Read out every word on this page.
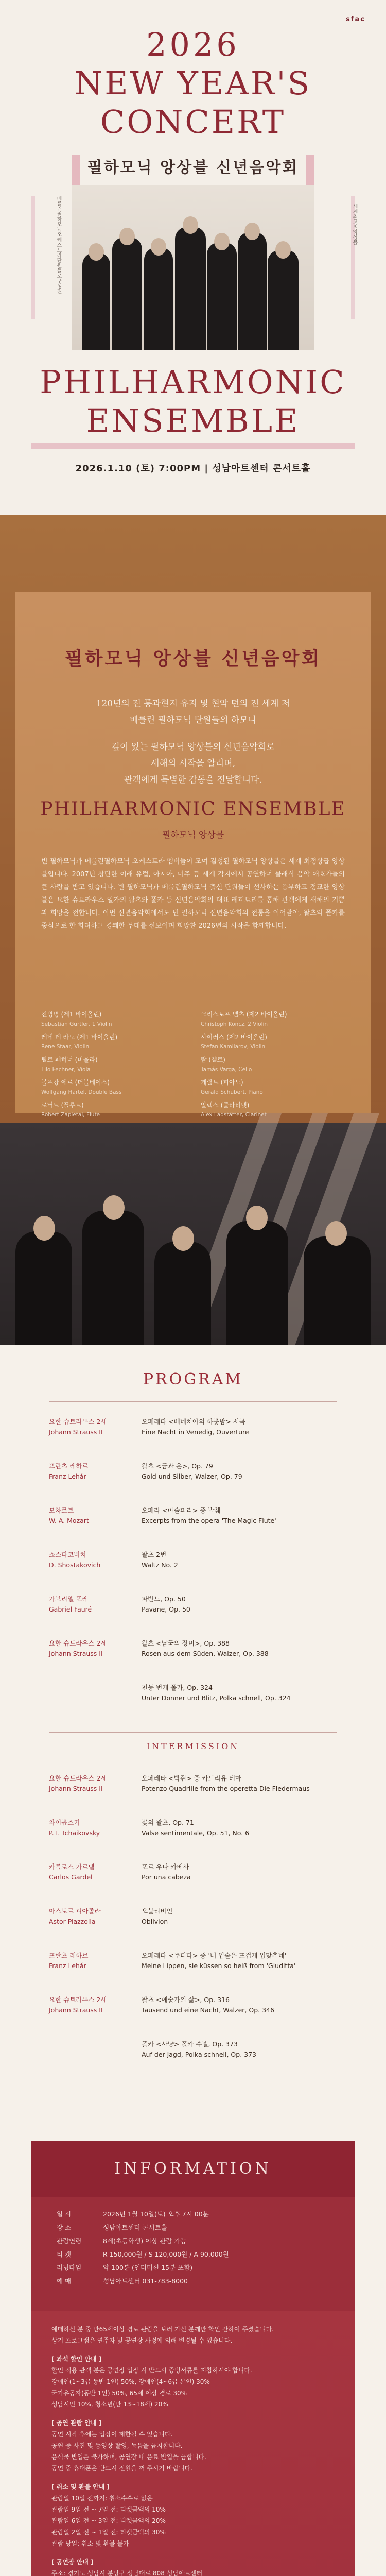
sfac
2026
NEW YEAR'S
CONCERT
필하모닉 앙상블 신년음악회
베를린필하모닉오케스트라단원들로구성된	세계최고의앙상블
PHILHARMONIC
ENSEMBLE
2026.1.10 (토) 7:00PM | 성남아트센터 콘서트홀
필하모닉 앙상블 신년음악회
120년의 전 통과현지 유지 및 현악 던의 전 세계 저
베를린 필하모닉 단원들의 하모니
깊이 있는 필하모닉 앙상블의 신년음악회로
새해의 시작을 알리며,
관객에게 특별한 감동을 전달합니다.
PHILHARMONIC ENSEMBLE
필하모닉 앙상블
빈 필하모닉과 베를린필하모닉 오케스트라 멤버들이 모여 결성된 필하모닉 앙상블은 세계 최정상급 앙상블입니다. 2007년 창단한 이래 유럽, 아시아, 미주 등 세계 각지에서 공연하며 클래식 음악 애호가들의 큰 사랑을 받고 있습니다. 빈 필하모닉과 베를린필하모닉 출신 단원들이 선사하는 풍부하고 정교한 앙상블은 요한 슈트라우스 일가의 왈츠와 폴카 등 신년음악회의 대표 레퍼토리를 통해 관객에게 새해의 기쁨과 희망을 전합니다. 이번 신년음악회에서도 빈 필하모닉 신년음악회의 전통을 이어받아, 왈츠와 폴카를 중심으로 한 화려하고 경쾌한 무대를 선보이며 희망찬 2026년의 시작을 함께합니다.
진병명 (제1 바이올린)
Sebastian Gürtler, 1 Violin
크리스토프 벨츠 (제2 바이올린)
Christoph Koncz, 2 Violin
레네 데 라노 (제1 바이올린)
Rene Staar, Violin
사이러스 (제2 바이올린)
Stefan Kamilarov, Violin
틸로 페히너 (비올라)
Tilo Fechner, Viola
탐 (첼로)
Tamás Varga, Cello
볼프강 에르 (더블베이스)
Wolfgang Härtel, Double Bass
게랄트 (피아노)
Gerald Schubert, Piano
로버트 (플루트)
Robert Zapletal, Flute
알렉스 (클라리넷)
Alex Ladstätter, Clarinet
PROGRAM
요한 슈트라우스 2세
Johann Strauss II
오페레타 <베네치아의 하룻밤> 서곡
Eine Nacht in Venedig, Ouverture
프란츠 레하르
Franz Lehár
왈츠 <금과 은>, Op. 79
Gold und Silber, Walzer, Op. 79
모차르트
W. A. Mozart
오페라 <마술피리> 중 발췌
Excerpts from the opera 'The Magic Flute'
쇼스타코비치
D. Shostakovich
왈츠 2번
Waltz No. 2
가브리엘 포레
Gabriel Fauré
파반느, Op. 50
Pavane, Op. 50
요한 슈트라우스 2세
Johann Strauss II
왈츠 <남국의 장미>, Op. 388
Rosen aus dem Süden, Walzer, Op. 388
천둥 번개 폴카, Op. 324
Unter Donner und Blitz, Polka schnell, Op. 324
INTERMISSION
요한 슈트라우스 2세
Johann Strauss II
오페레타 <박쥐> 중 카드리유 테마
Potenzo Quadrille from the operetta Die Fledermaus
차이콥스키
P. I. Tchaikovsky
꽃의 왈츠, Op. 71
Valse sentimentale, Op. 51, No. 6
카를로스 가르델
Carlos Gardel
포르 우나 카베사
Por una cabeza
아스토르 피아졸라
Astor Piazzolla
오블리비언
Oblivion
프란츠 레하르
Franz Lehár
오페레타 <주디타> 중 '내 입술은 뜨겁게 입맞추네'
Meine Lippen, sie küssen so heiß from 'Giuditta'
요한 슈트라우스 2세
Johann Strauss II
왈츠 <예술가의 삶>, Op. 316
Tausend und eine Nacht, Walzer, Op. 346
폴카 <사냥> 폴카 슈넬, Op. 373
Auf der Jagd, Polka schnell, Op. 373
INFORMATION
일 시	2026년 1월 10일(토) 오후 7시 00분
장 소	성남아트센터 콘서트홀
관람연령	8세(초등학생) 이상 관람 가능
티 켓	R 150,000원 / S 120,000원 / A 90,000원
러닝타임	약 100분 (인터미션 15분 포함)
예 매	성남아트센터 031-783-8000

예매하신 분 중 만65세이상 경로 관람을 보러 가신 분께만 할인 간하여 주셨습니다.

상기 프로그램은 연주자 및 공연장 사정에 의해 변경될 수 있습니다.

[ 좌석 할인 안내 ]

할인 적용 관객 분은 공연장 입장 시 반드시 증빙서류를 지참하셔야 합니다.

장애인(1~3급 동반 1인) 50%, 장애인(4~6급 본인) 30%

국가유공자(동반 1인) 50%, 65세 이상 경로 30%

성남시민 10%, 청소년(만 13~18세) 20%

[ 공연 관람 안내 ]

공연 시작 후에는 입장이 제한될 수 있습니다.

공연 중 사진 및 동영상 촬영, 녹음을 금지합니다.

음식물 반입은 불가하며, 공연장 내 음료 반입을 금합니다.

공연 중 휴대폰은 반드시 전원을 꺼 주시기 바랍니다.

[ 취소 및 환불 안내 ]

관람일 10일 전까지: 취소수수료 없음

관람일 9일 전 ~ 7일 전: 티켓금액의 10%

관람일 6일 전 ~ 3일 전: 티켓금액의 20%

관람일 2일 전 ~ 1일 전: 티켓금액의 30%

관람 당일: 취소 및 환불 불가

[ 공연장 안내 ]

주소: 경기도 성남시 분당구 성남대로 808 성남아트센터
